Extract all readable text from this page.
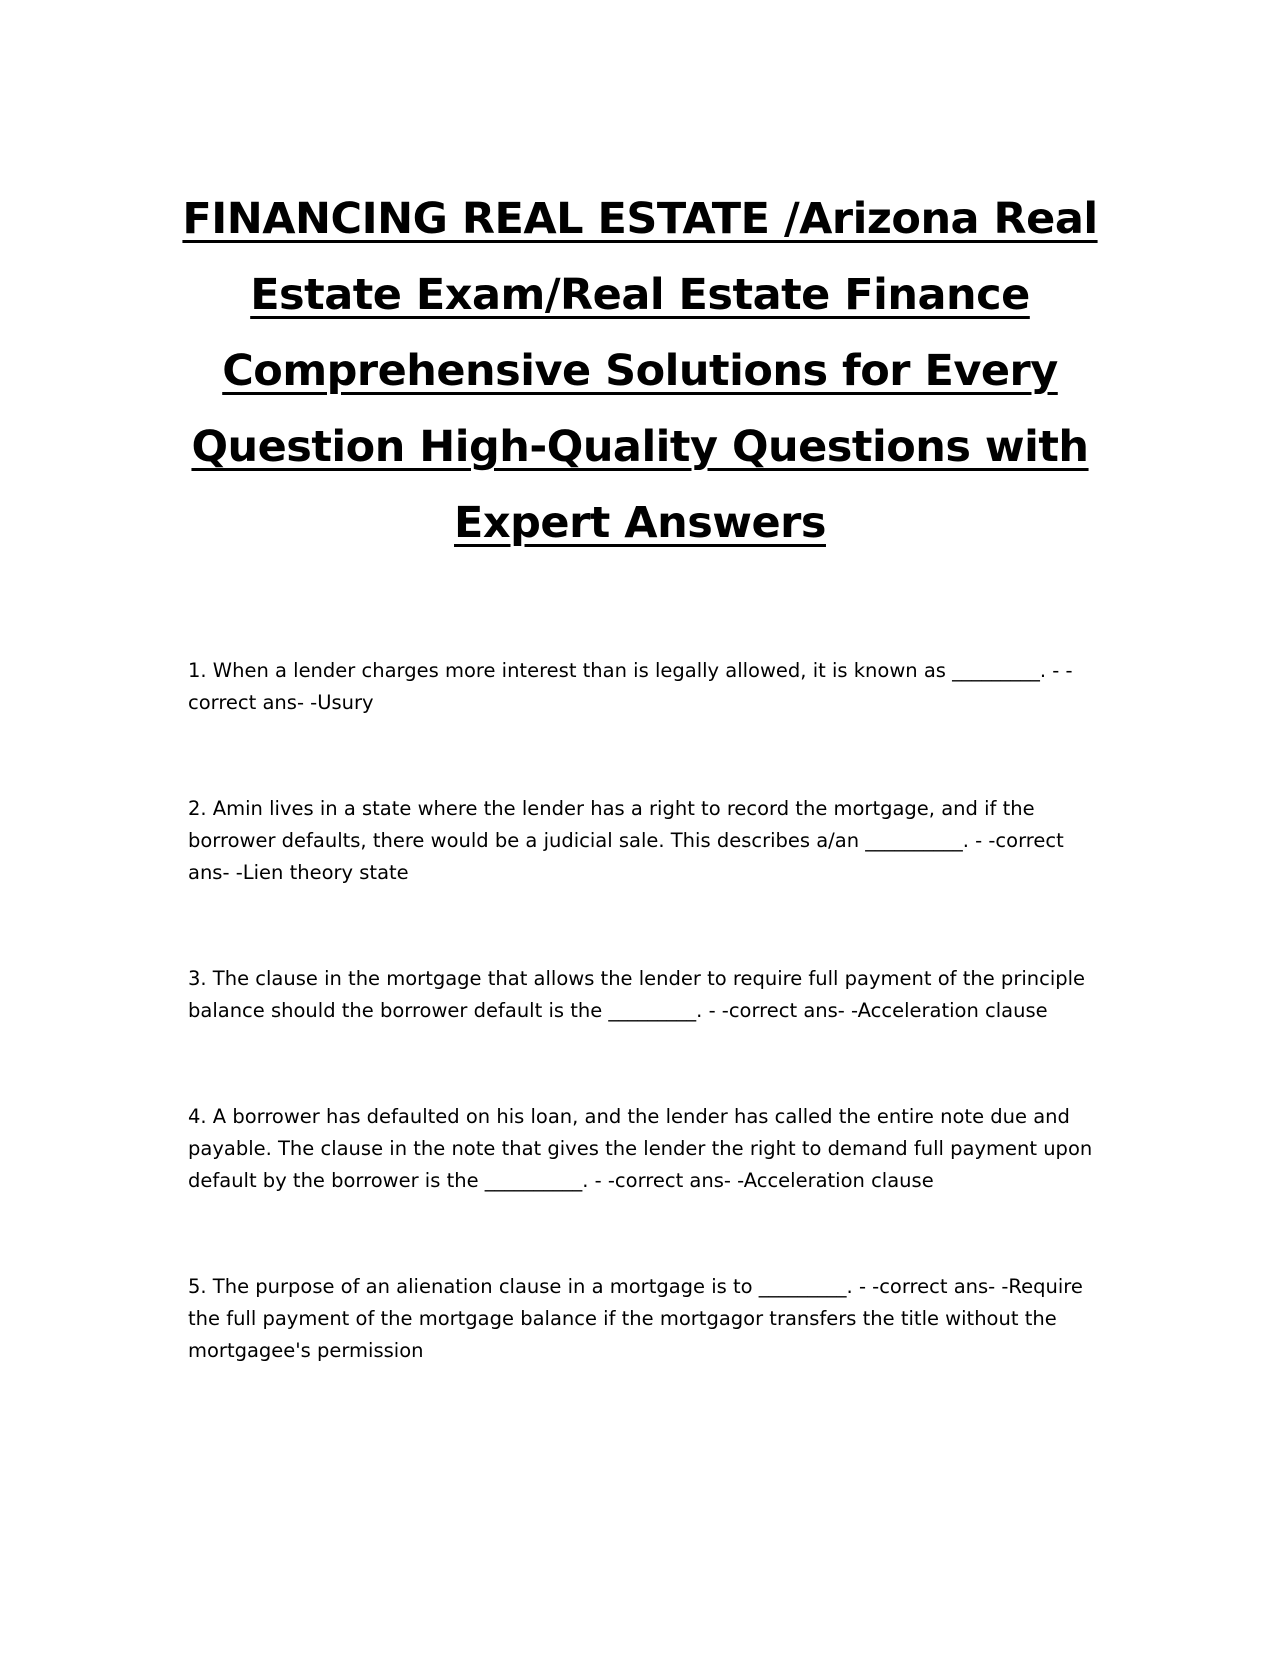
FINANCING REAL ESTATE /Arizona Real Estate Exam/Real Estate Finance Comprehensive Solutions for Every Question High-Quality Questions with Expert Answers
1. When a lender charges more interest than is legally allowed, it is known as _________. - -correct ans- -Usury
2. Amin lives in a state where the lender has a right to record the mortgage, and if the borrower defaults, there would be a judicial sale. This describes a/an __________. - -correct ans- -Lien theory state
3. The clause in the mortgage that allows the lender to require full payment of the principle balance should the borrower default is the _________. - -correct ans- -Acceleration clause
4. A borrower has defaulted on his loan, and the lender has called the entire note due and payable. The clause in the note that gives the lender the right to demand full payment upon default by the borrower is the __________. - -correct ans- -Acceleration clause
5. The purpose of an alienation clause in a mortgage is to _________. - -correct ans- -Require the full payment of the mortgage balance if the mortgagor transfers the title without the mortgagee's permission
